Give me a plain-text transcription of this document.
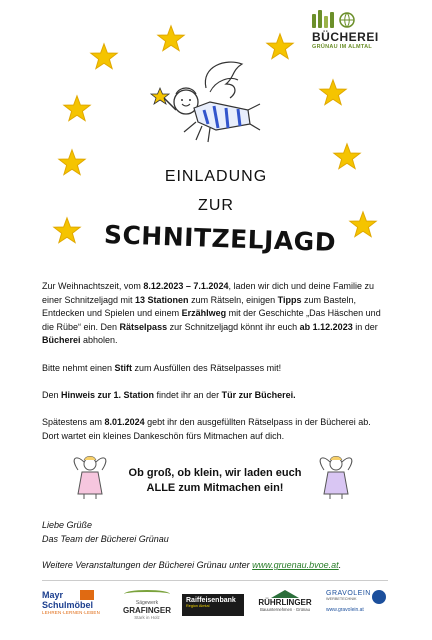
BÜCHEREI
GRÜNAU IM ALMTAL
EINLADUNG
ZUR
SCHNITZELJAGD

Zur Weihnachtszeit, vom 8.12.2023 – 7.1.2024, laden wir dich und deine Familie zu einer Schnitzeljagd mit 13 Stationen zum Rätseln, einigen Tipps zum Basteln, Entdecken und Spielen und einem Erzählweg mit der Geschichte „Das Häschen und die Rübe“ ein. Den Rätselpass zur Schnitzeljagd könnt ihr euch ab 1.12.2023 in der Bücherei abholen.

Bitte nehmt einen Stift zum Ausfüllen des Rätselpasses mit!

Den Hinweis zur 1. Station findet ihr an der Tür zur Bücherei.

Spätestens am 8.01.2024 gebt ihr den ausgefüllten Rätselpass in der Bücherei ab. Dort wartet ein kleines Dankeschön fürs Mitmachen auf dich.

Ob groß, ob klein, wir laden euch
ALLE zum Mitmachen ein!
Liebe Grüße
Das Team der Bücherei Grünau
Weitere Veranstaltungen der Bücherei Grünau unter www.gruenau.bvoe.at.
Mayr
Schulmöbel
LEHREN·LERNEN·LEBEN
Sägewerk
GRAFINGER
Stark in Holz
Raiffeisenbank
Region Almtal	RÜHRLINGER
Bauunternehmen · Grünau
GRAVOLEIN
WERBETECHNIK
www.gravolein.at
